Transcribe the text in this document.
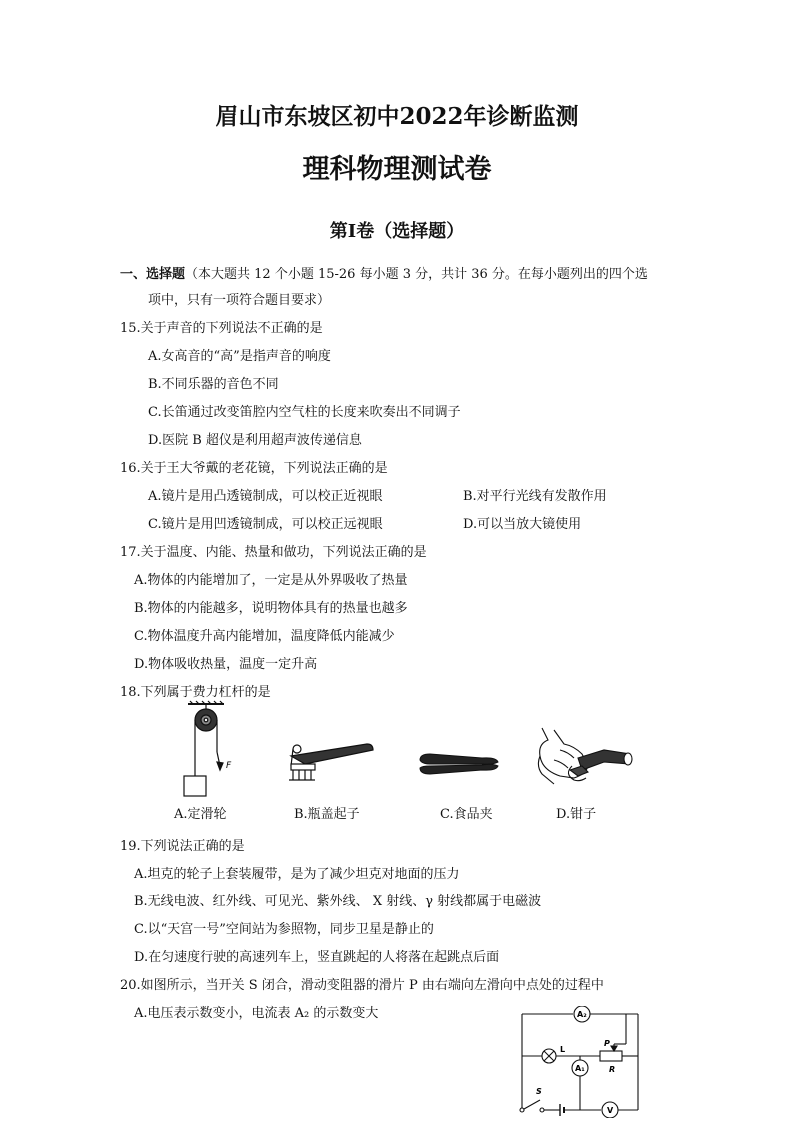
眉山市东坡区初中2022年诊断监测
理科物理测试卷
第Ⅰ卷（选择题）
一、选择题（本大题共 12 个小题 15-26 每小题 3 分，共计 36 分。在每小题列出的四个选
项中，只有一项符合题目要求）
15.关于声音的下列说法不正确的是
A.女高音的“高”是指声音的响度
B.不同乐器的音色不同
C.长笛通过改变笛腔内空气柱的长度来吹奏出不同调子
D.医院 B 超仪是利用超声波传递信息
16.关于王大爷戴的老花镜，下列说法正确的是
A.镜片是用凸透镜制成，可以校正近视眼	B.对平行光线有发散作用
C.镜片是用凹透镜制成，可以校正远视眼	D.可以当放大镜使用
17.关于温度、内能、热量和做功，下列说法正确的是
A.物体的内能增加了，一定是从外界吸收了热量
B.物体的内能越多，说明物体具有的热量也越多
C.物体温度升高内能增加，温度降低内能减少
D.物体吸收热量，温度一定升高
18.下列属于费力杠杆的是
F
A.定滑轮	B.瓶盖起子	C.食品夹	D.钳子
19.下列说法正确的是
A.坦克的轮子上套装履带，是为了减少坦克对地面的压力
B.无线电波、红外线、可见光、紫外线、 X 射线、γ 射线都属于电磁波
C.以“天宫一号”空间站为参照物，同步卫星是静止的
D.在匀速度行驶的高速列车上，竖直跳起的人将落在起跳点后面
20.如图所示，当开关 S 闭合，滑动变阻器的滑片 P 由右端向左滑向中点处的过程中
A.电压表示数变小，电流表 A₂ 的示数变大	A₂
L
P
R
A₁
S
V
